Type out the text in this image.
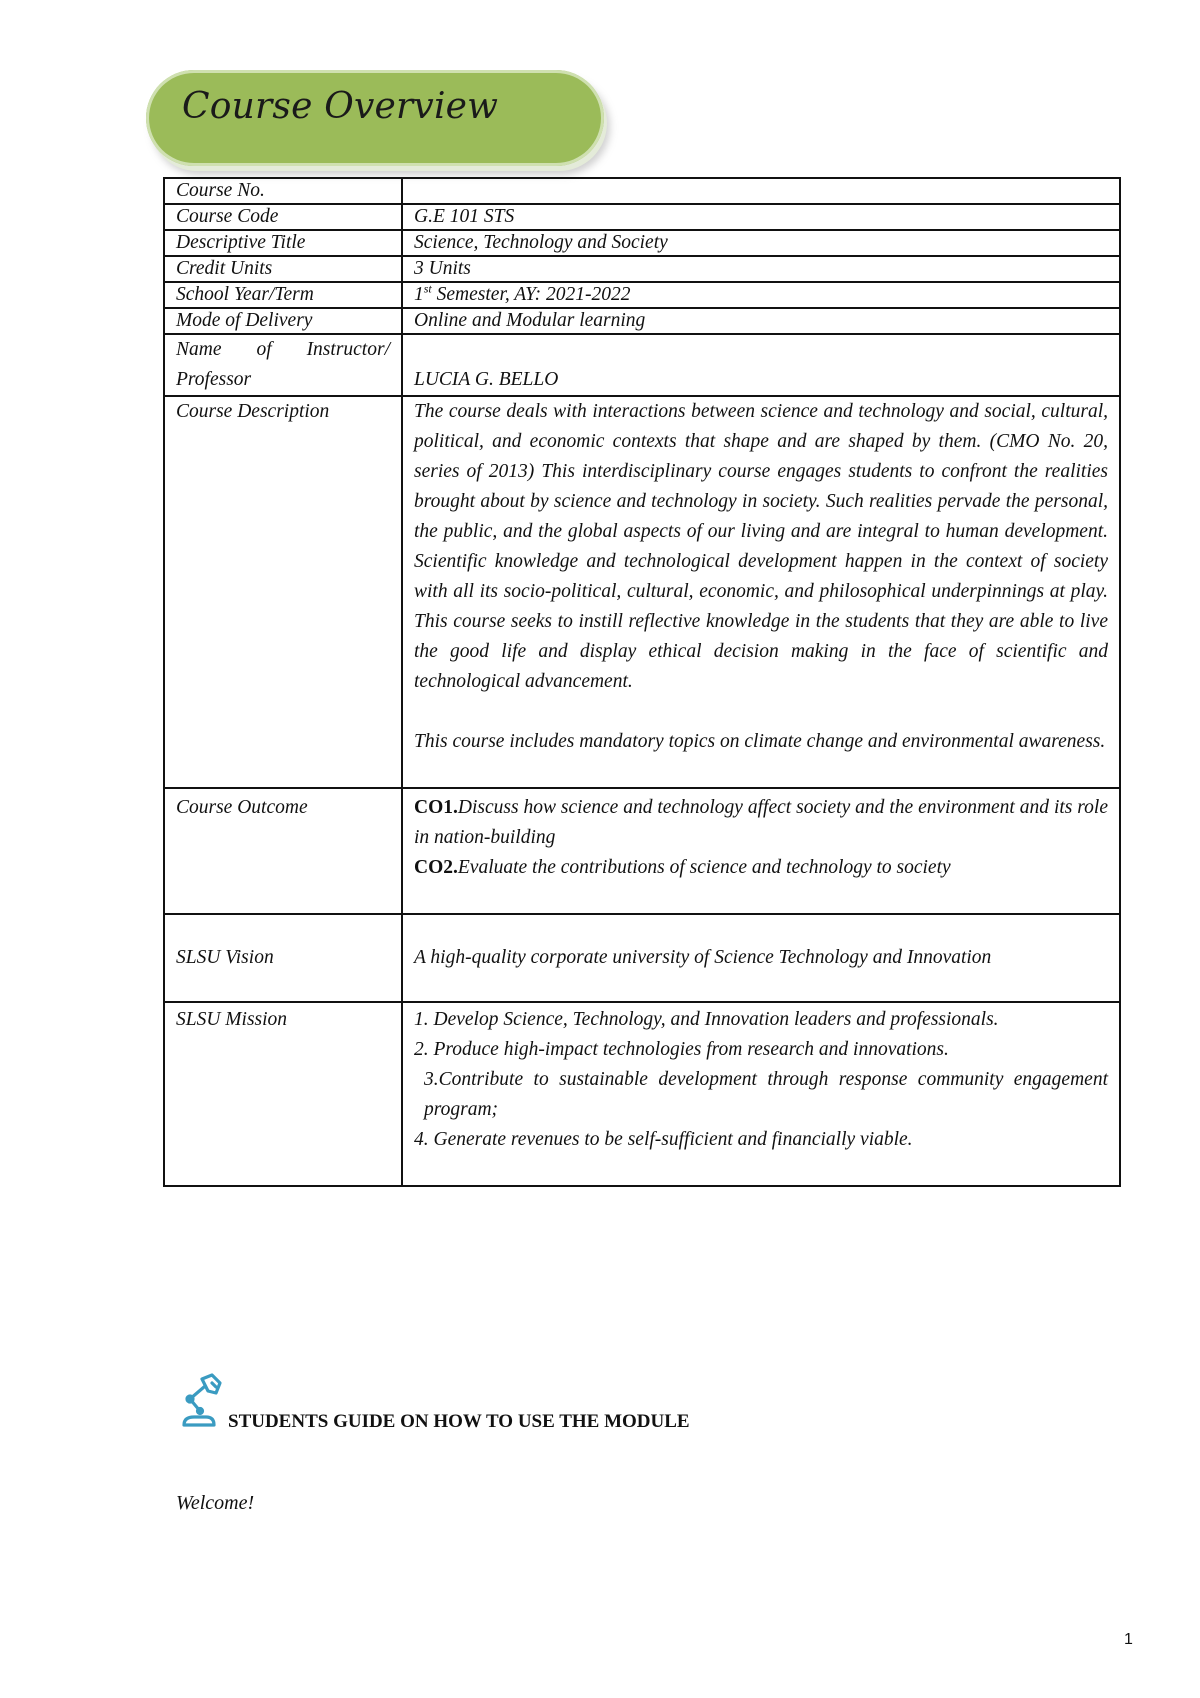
Course Overview
Course No.	
Course Code	G.E 101 STS
Descriptive Title	Science, Technology and Society
Credit Units	3 Units
School Year/Term	1st Semester, AY: 2021-2022
Mode of Delivery	Online and Modular learning

Name of Instructor/
Professor	LUCIA G. BELLO
Course Description	The course deals with interactions between science and technology and social, cultural, political, and economic contexts that shape and are shaped by them. (CMO No. 20, series of 2013) This interdisciplinary course engages students to confront the realities brought about by science and technology in society. Such realities pervade the personal, the public, and the global aspects of our living and are integral to human development. Scientific knowledge and technological development happen in the context of society with all its socio-political, cultural, economic, and philosophical underpinnings at play. This course seeks to instill reflective knowledge in the students that they are able to live the good life and display ethical decision making in the face of scientific and technological advancement.

This course includes mandatory topics on climate change and environmental awareness.

Course Outcome	CO1.Discuss how science and technology affect society and the environment and its role in nation-building
CO2.Evaluate the contributions of science and technology to society

SLSU Vision	A high-quality corporate university of Science Technology and Innovation
SLSU Mission	1. Develop Science, Technology, and Innovation leaders and professionals.

2. Produce high-impact technologies from research and innovations.

3.Contribute to sustainable development through response community engagement program;

4. Generate revenues to be self-sufficient and financially viable.

STUDENTS GUIDE ON HOW TO USE THE MODULE
Welcome!
1
